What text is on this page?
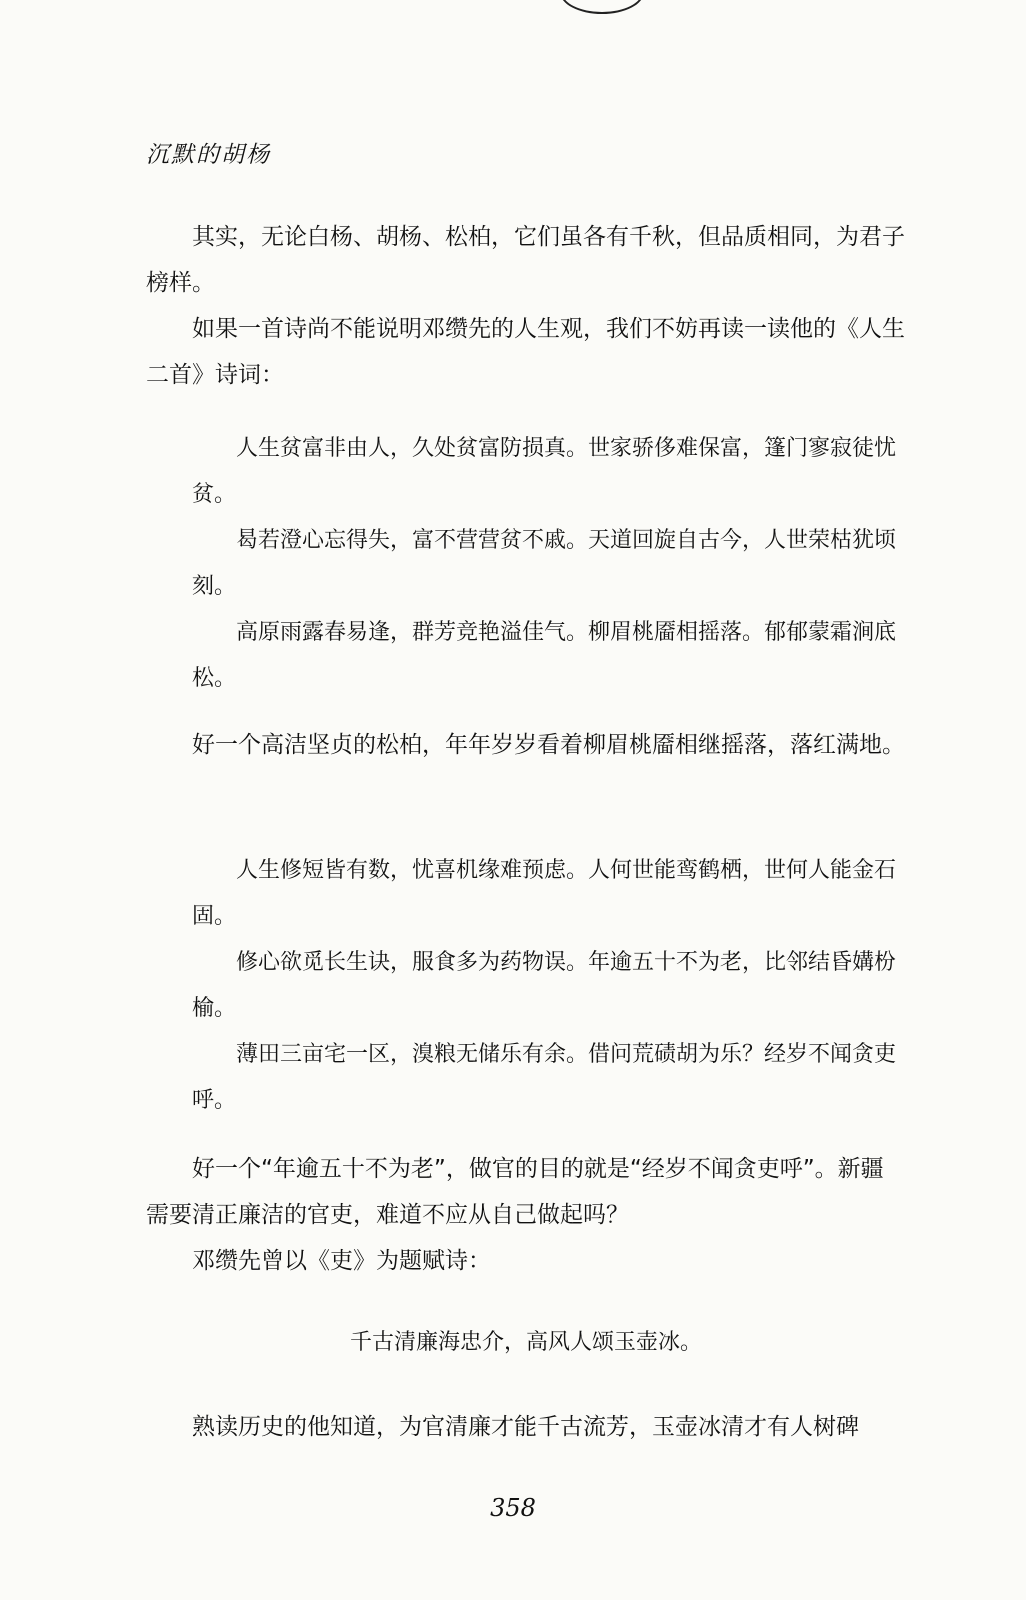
沉默的胡杨

其实，无论白杨、胡杨、松柏，它们虽各有千秋，但品质相同，为君子榜样。

如果一首诗尚不能说明邓缵先的人生观，我们不妨再读一读他的《人生二首》诗词：

人生贫富非由人，久处贫富防损真。世家骄侈难保富，篷门寥寂徒忧贫。

曷若澄心忘得失，富不营营贫不戚。天道回旋自古今，人世荣枯犹顷刻。

高原雨露春易逢，群芳竞艳溢佳气。柳眉桃靥相摇落。郁郁蒙霜涧底松。

好一个高洁坚贞的松柏，年年岁岁看着柳眉桃靥相继摇落，落红满地。

人生修短皆有数，忧喜机缘难预虑。人何世能鸾鹤栖，世何人能金石固。

修心欲觅长生诀，服食多为药物误。年逾五十不为老，比邻结昏媾枌榆。

薄田三亩宅一区，溴粮无储乐有余。借问荒碛胡为乐？经岁不闻贪吏呼。

好一个“年逾五十不为老”，做官的目的就是“经岁不闻贪吏呼”。新疆需要清正廉洁的官吏，难道不应从自己做起吗？

邓缵先曾以《吏》为题赋诗：

千古清廉海忠介，高风人颂玉壶冰。

熟读历史的他知道，为官清廉才能千古流芳，玉壶冰清才有人树碑

358
